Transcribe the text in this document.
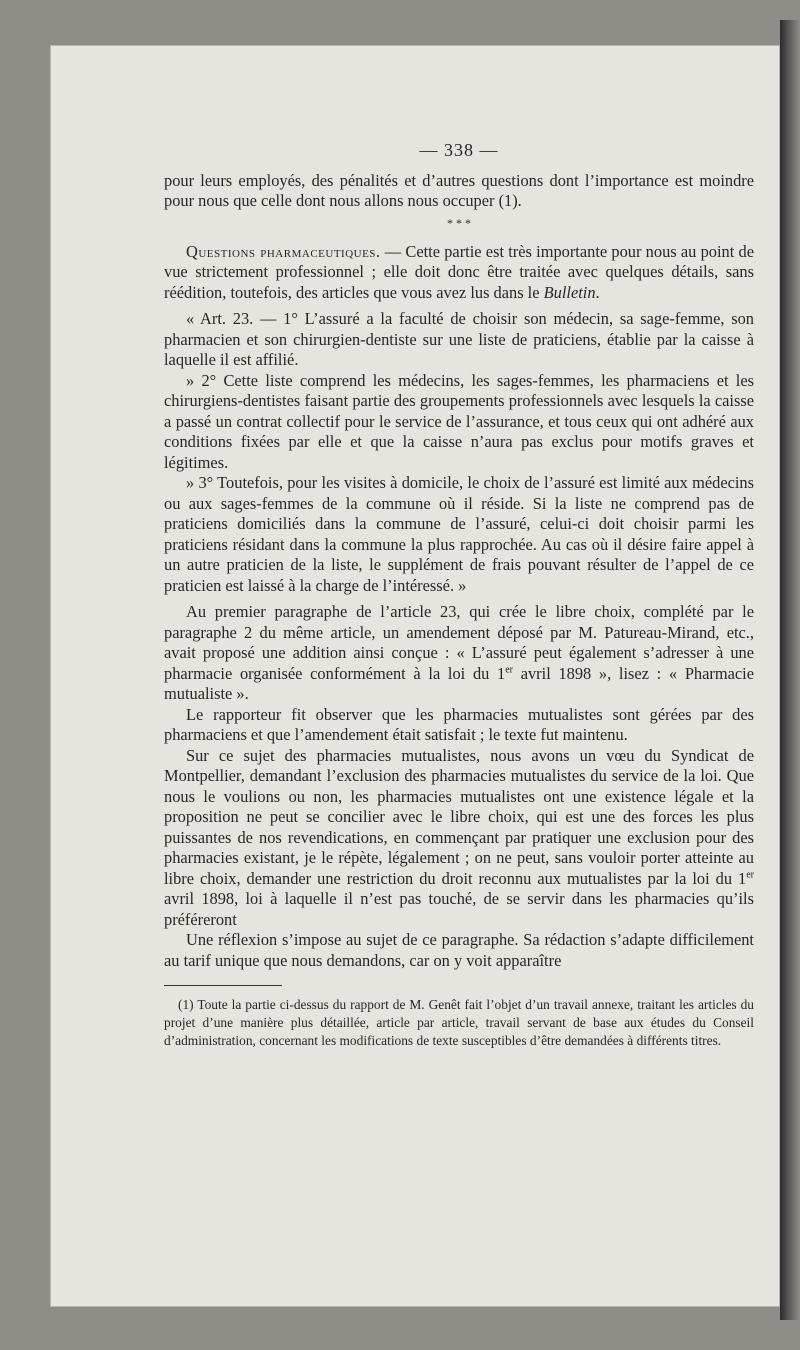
— 338 —

pour leurs employés, des pénalités et d’autres questions dont l’importance est moindre pour nous que celle dont nous allons nous occuper (1).

* * *

Questions pharmaceutiques. — Cette partie est très importante pour nous au point de vue strictement professionnel ; elle doit donc être traitée avec quelques détails, sans réédition, toutefois, des articles que vous avez lus dans le Bulletin.

« Art. 23. — 1° L’assuré a la faculté de choisir son médecin, sa sage-femme, son pharmacien et son chirurgien-dentiste sur une liste de praticiens, établie par la caisse à laquelle il est affilié.

» 2° Cette liste comprend les médecins, les sages-femmes, les pharmaciens et les chirurgiens-dentistes faisant partie des groupements professionnels avec lesquels la caisse a passé un contrat collectif pour le service de l’assurance, et tous ceux qui ont adhéré aux conditions fixées par elle et que la caisse n’aura pas exclus pour motifs graves et légitimes.

» 3° Toutefois, pour les visites à domicile, le choix de l’assuré est limité aux médecins ou aux sages-femmes de la commune où il réside. Si la liste ne comprend pas de praticiens domiciliés dans la commune de l’assuré, celui-ci doit choisir parmi les praticiens résidant dans la commune la plus rapprochée. Au cas où il désire faire appel à un autre praticien de la liste, le supplément de frais pouvant résulter de l’appel de ce praticien est laissé à la charge de l’intéressé. »

Au premier paragraphe de l’article 23, qui crée le libre choix, complété par le paragraphe 2 du même article, un amendement déposé par M. Patureau-Mirand, etc., avait proposé une addition ainsi conçue : « L’assuré peut également s’adresser à une pharmacie organisée conformément à la loi du 1er avril 1898 », lisez : « Pharmacie mutualiste ».

Le rapporteur fit observer que les pharmacies mutualistes sont gérées par des pharmaciens et que l’amendement était satisfait ; le texte fut maintenu.

Sur ce sujet des pharmacies mutualistes, nous avons un vœu du Syndicat de Montpellier, demandant l’exclusion des pharmacies mutualistes du service de la loi. Que nous le voulions ou non, les pharmacies mutualistes ont une existence légale et la proposition ne peut se concilier avec le libre choix, qui est une des forces les plus puissantes de nos revendications, en commençant par pratiquer une exclusion pour des pharmacies existant, je le répète, légalement ; on ne peut, sans vouloir porter atteinte au libre choix, demander une restriction du droit reconnu aux mutualistes par la loi du 1er avril 1898, loi à laquelle il n’est pas touché, de se servir dans les pharmacies qu’ils préféreront

Une réflexion s’impose au sujet de ce paragraphe. Sa rédaction s’adapte difficilement au tarif unique que nous demandons, car on y voit apparaître

(1) Toute la partie ci-dessus du rapport de M. Genêt fait l’objet d’un travail annexe, traitant les articles du projet d’une manière plus détaillée, article par article, travail servant de base aux études du Conseil d’administration, concernant les modifications de texte susceptibles d’être demandées à différents titres.
